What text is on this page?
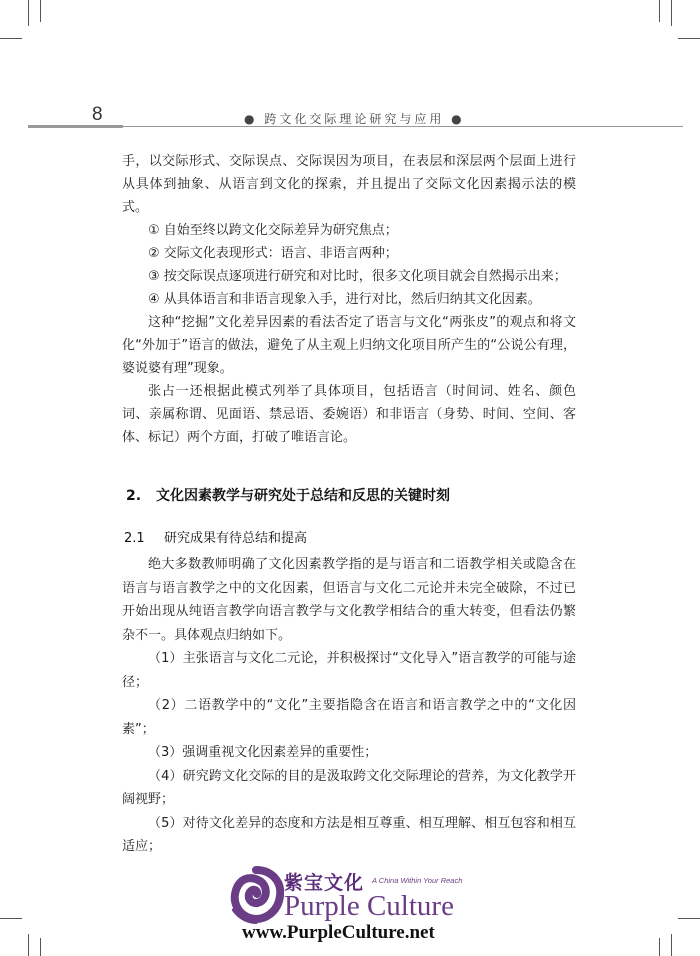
8	● 跨文化交际理论研究与应用 ●

手，以交际形式、交际误点、交际误因为项目，在表层和深层两个层面上进行从具体到抽象、从语言到文化的探索，并且提出了交际文化因素揭示法的模式。

① 自始至终以跨文化交际差异为研究焦点；

② 交际文化表现形式：语言、非语言两种；

③ 按交际误点逐项进行研究和对比时，很多文化项目就会自然揭示出来；

④ 从具体语言和非语言现象入手，进行对比，然后归纳其文化因素。

这种“挖掘”文化差异因素的看法否定了语言与文化“两张皮”的观点和将文化“外加于”语言的做法，避免了从主观上归纳文化项目所产生的“公说公有理，婆说婆有理”现象。

张占一还根据此模式列举了具体项目，包括语言（时间词、姓名、颜色词、亲属称谓、见面语、禁忌语、委婉语）和非语言（身势、时间、空间、客体、标记）两个方面，打破了唯语言论。

2. 文化因素教学与研究处于总结和反思的关键时刻
2.1 研究成果有待总结和提高

绝大多数教师明确了文化因素教学指的是与语言和二语教学相关或隐含在语言与语言教学之中的文化因素，但语言与文化二元论并未完全破除，不过已开始出现从纯语言教学向语言教学与文化教学相结合的重大转变，但看法仍繁杂不一。具体观点归纳如下。

（1）主张语言与文化二元论，并积极探讨“文化导入”语言教学的可能与途径；

（2）二语教学中的“文化”主要指隐含在语言和语言教学之中的“文化因素”；

（3）强调重视文化因素差异的重要性；

（4）研究跨文化交际的目的是汲取跨文化交际理论的营养，为文化教学开阔视野；

（5）对待文化差异的态度和方法是相互尊重、相互理解、相互包容和相互适应；

紫宝文化 A China Within Your Reach
Purple Culture
www.PurpleCulture.net
